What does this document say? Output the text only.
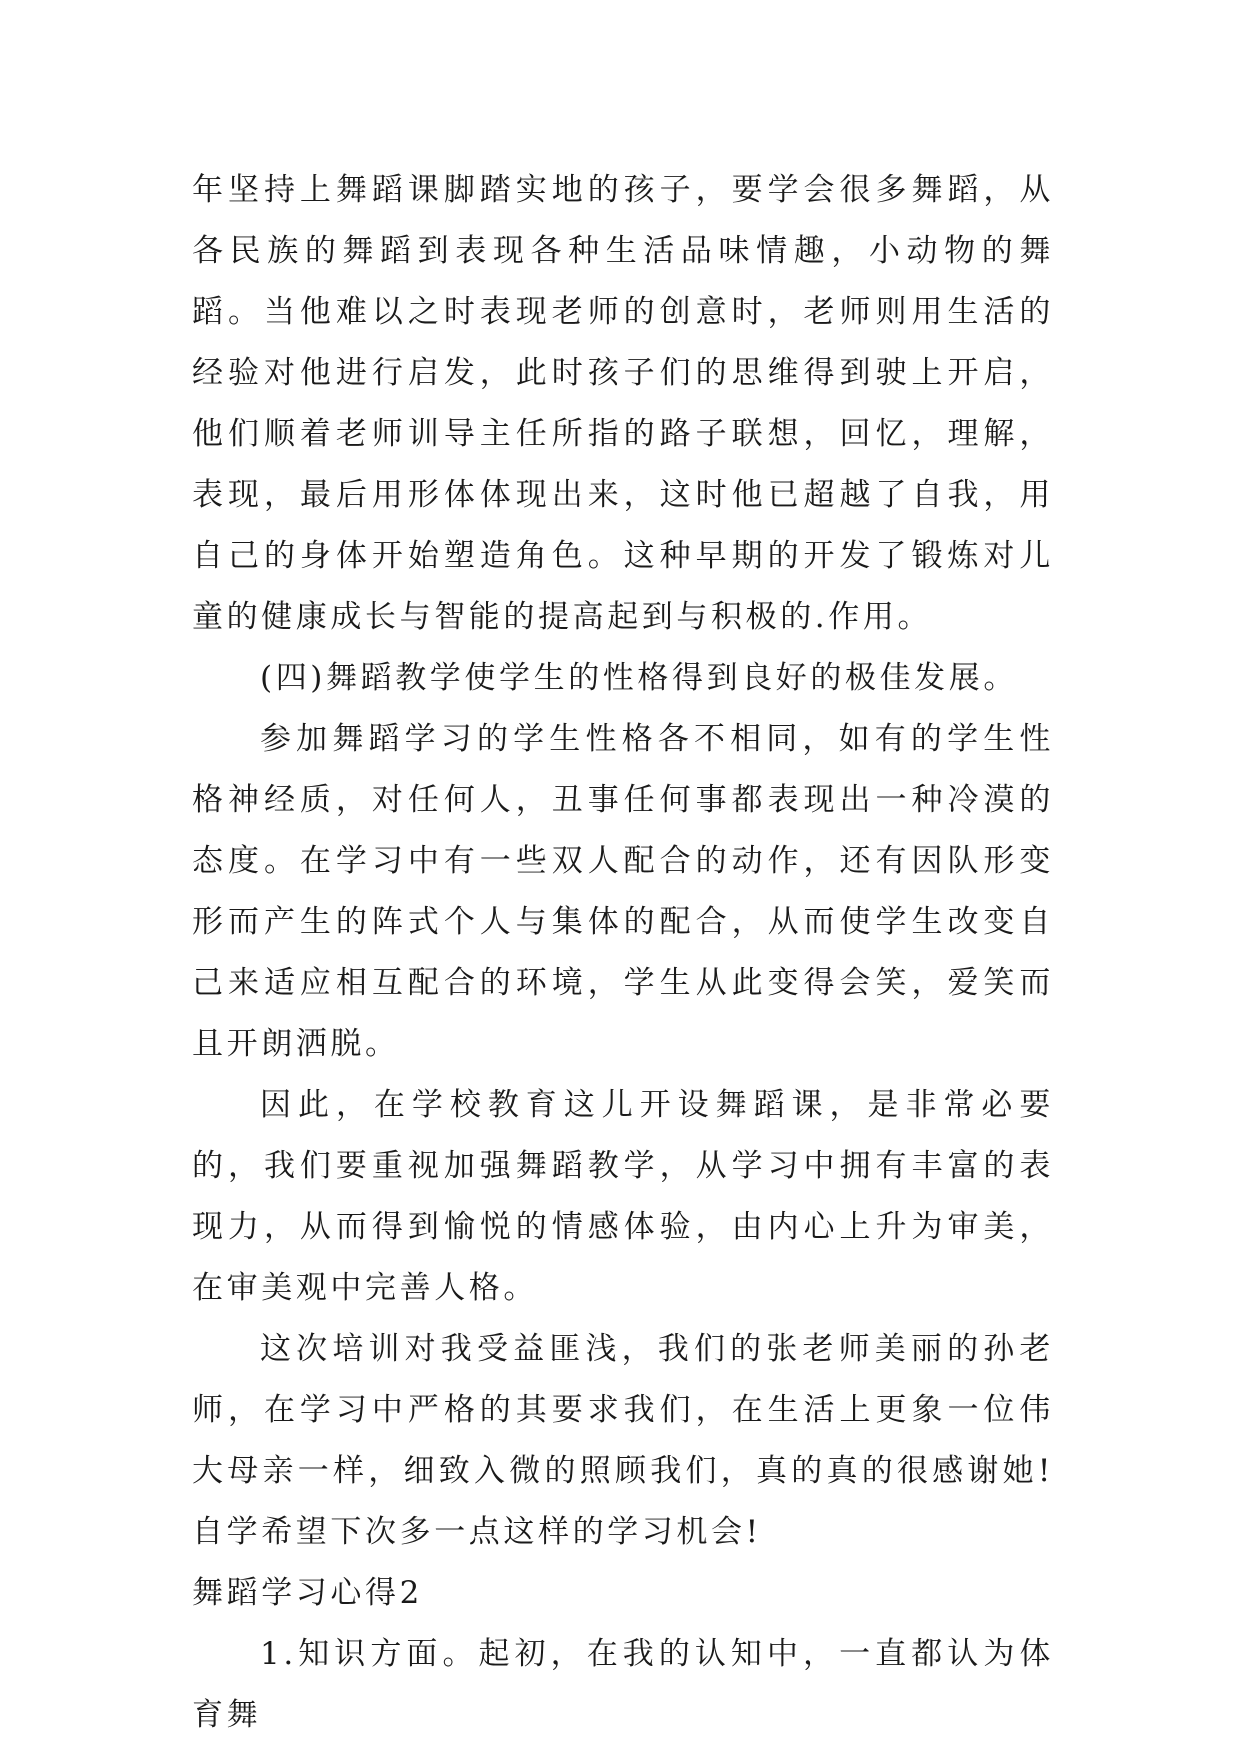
年坚持上舞蹈课脚踏实地的孩子，要学会很多舞蹈，从各民族的舞蹈到表现各种生活品味情趣，小动物的舞蹈。当他难以之时表现老师的创意时，老师则用生活的经验对他进行启发，此时孩子们的思维得到驶上开启，他们顺着老师训导主任所指的路子联想，回忆，理解，表现，最后用形体体现出来，这时他已超越了自我，用自己的身体开始塑造角色。这种早期的开发了锻炼对儿童的健康成长与智能的提高起到与积极的.作用。

(四)舞蹈教学使学生的性格得到良好的极佳发展。

参加舞蹈学习的学生性格各不相同，如有的学生性格神经质，对任何人，丑事任何事都表现出一种冷漠的态度。在学习中有一些双人配合的动作，还有因队形变形而产生的阵式个人与集体的配合，从而使学生改变自己来适应相互配合的环境，学生从此变得会笑，爱笑而且开朗洒脱。

因此，在学校教育这儿开设舞蹈课，是非常必要的，我们要重视加强舞蹈教学，从学习中拥有丰富的表现力，从而得到愉悦的情感体验，由内心上升为审美，在审美观中完善人格。

这次培训对我受益匪浅，我们的张老师美丽的孙老师，在学习中严格的其要求我们，在生活上更象一位伟大母亲一样，细致入微的照顾我们，真的真的很感谢她!自学希望下次多一点这样的学习机会!

舞蹈学习心得2

1.知识方面。起初，在我的认知中，一直都认为体育舞
